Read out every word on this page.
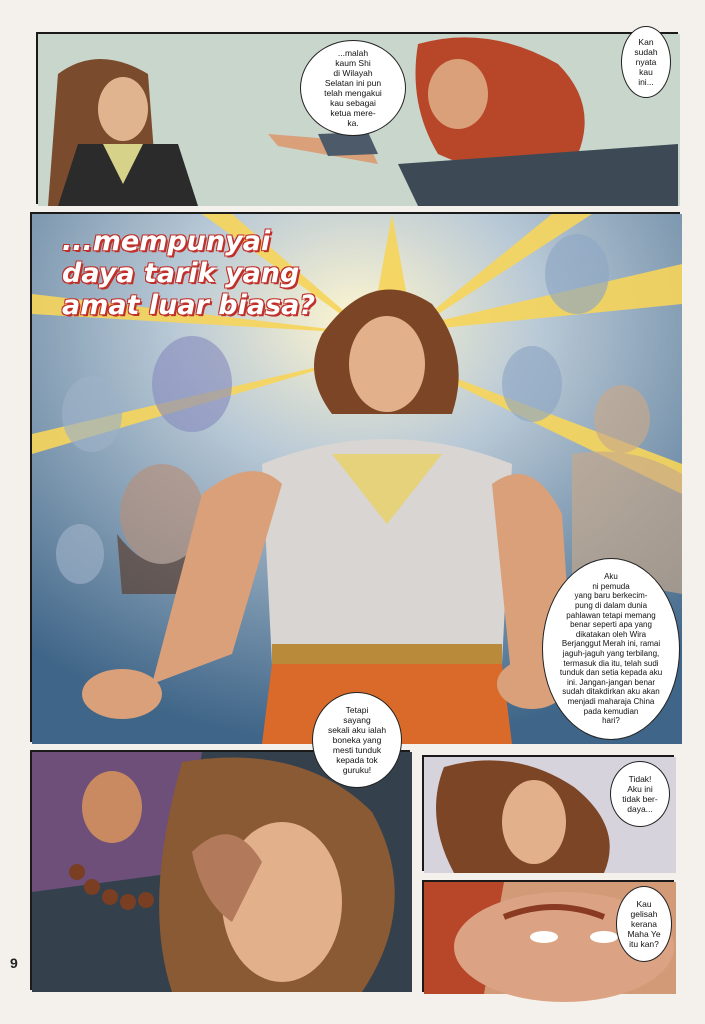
...malah
kaum Shi
di Wilayah
Selatan ini pun
telah mengakui
kau sebagai
ketua mere-
ka.
Kan
sudah
nyata
kau
ini...
...mempunyai
daya tarik yang
amat luar biasa?
Aku
ni pemuda
yang baru berkecim-
pung di dalam dunia
pahlawan tetapi memang
benar seperti apa yang
dikatakan oleh Wira
Berjanggut Merah ini, ramai
jaguh-jaguh yang terbilang,
termasuk dia itu, telah sudi
tunduk dan setia kepada aku
ini. Jangan-jangan benar
sudah ditakdirkan aku akan
menjadi maharaja China
pada kemudian
hari?
Tetapi
sayang
sekali aku ialah
boneka yang
mesti tunduk
kepada tok
guruku!
Tidak!
Aku ini
tidak ber-
daya...
Kau
gelisah
kerana
Maha Ye
itu kan?
9
